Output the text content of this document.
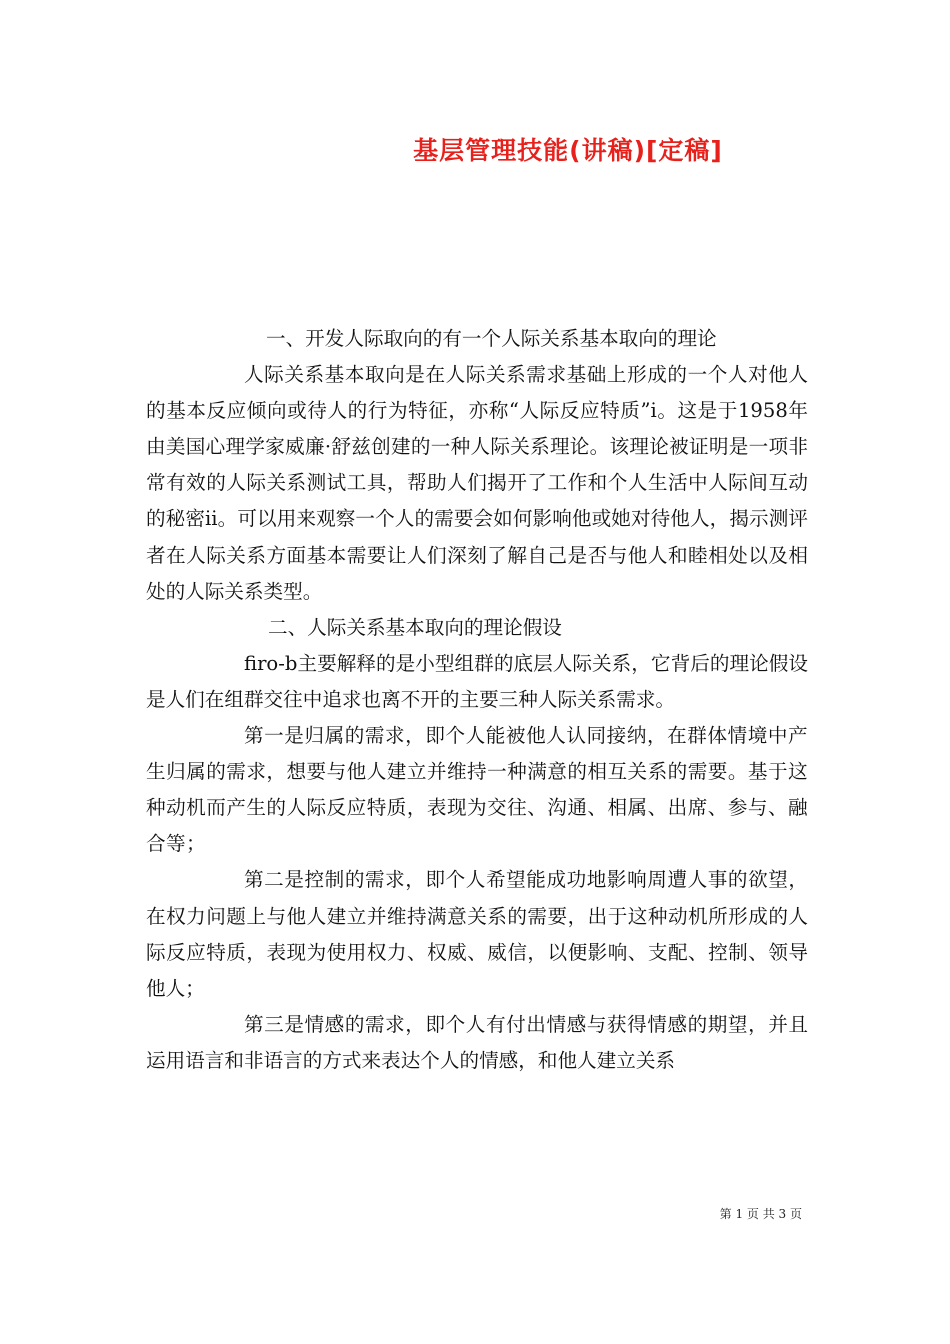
基层管理技能(讲稿)[定稿]
一、开发人际取向的有一个人际关系基本取向的理论
人际关系基本取向是在人际关系需求基础上形成的一个人对他人的基本反应倾向或待人的行为特征，亦称“人际反应特质”i。这是于1958年由美国心理学家威廉·舒兹创建的一种人际关系理论。该理论被证明是一项非常有效的人际关系测试工具，帮助人们揭开了工作和个人生活中人际间互动的秘密ii。可以用来观察一个人的需要会如何影响他或她对待他人，揭示测评者在人际关系方面基本需要让人们深刻了解自己是否与他人和睦相处以及相处的人际关系类型。
二、人际关系基本取向的理论假设
firo-b主要解释的是小型组群的底层人际关系，它背后的理论假设是人们在组群交往中追求也离不开的主要三种人际关系需求。
第一是归属的需求，即个人能被他人认同接纳，在群体情境中产生归属的需求，想要与他人建立并维持一种满意的相互关系的需要。基于这种动机而产生的人际反应特质，表现为交往、沟通、相属、出席、参与、融合等；
第二是控制的需求，即个人希望能成功地影响周遭人事的欲望，在权力问题上与他人建立并维持满意关系的需要，出于这种动机所形成的人际反应特质，表现为使用权力、权威、威信，以便影响、支配、控制、领导他人；
第三是情感的需求，即个人有付出情感与获得情感的期望，并且运用语言和非语言的方式来表达个人的情感，和他人建立关系
第 1 页 共 3 页
